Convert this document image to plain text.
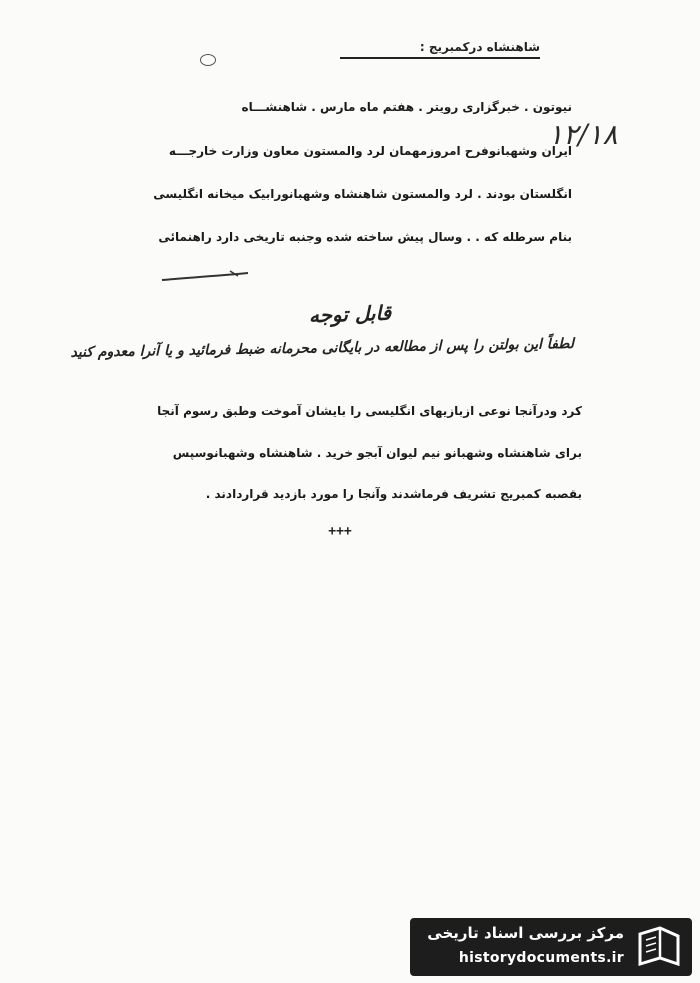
شاهنشاه درکمبریج :
۱۲/۱۸
نیوتون . خبرگزاری رویتر . هفتم ماه مارس . شاهنشـــاه
ایران وشهبانوفرح امروزمهمان لرد والمستون معاون وزارت خارجـــه
انگلستان بودند . لرد والمستون شاهنشاه وشهبانورابیک میخانه انگلیسی
بنام سرطله که . . وسال پیش ساخته شده وجنبه تاریخی دارد راهنمائی
قابل توجه
لطفاً این بولتن را پس از مطالعه در بایگانی محرمانه ضبط فرمائید و یا آنرا معدوم کنید
کرد ودرآنجا نوعی ازبازیهای انگلیسی را بایشان آموخت وطبق رسوم آنجا
برای شاهنشاه وشهبانو نیم لیوان آبجو خرید . شاهنشاه وشهبانوسپس
بقصبه کمبریج تشریف فرماشدند وآنجا را مورد بازدید قراردادند .
+++
مرکز بررسی اسناد تاریخی
historydocuments.ir
